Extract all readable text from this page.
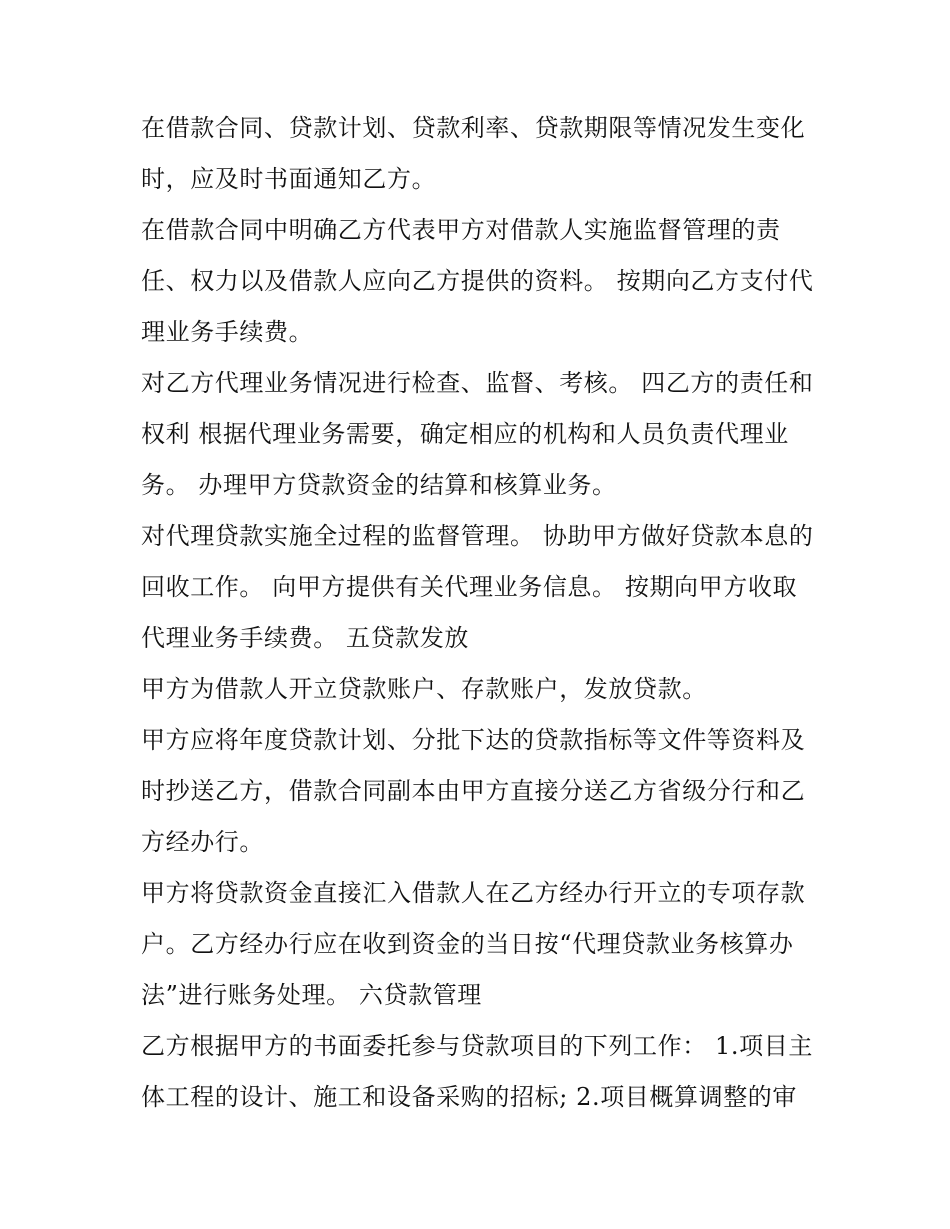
在借款合同、贷款计划、贷款利率、贷款期限等情况发生变化时，应及时书面通知乙方。

在借款合同中明确乙方代表甲方对借款人实施监督管理的责任、权力以及借款人应向乙方提供的资料。 按期向乙方支付代理业务手续费。

对乙方代理业务情况进行检查、监督、考核。 四乙方的责任和权利 根据代理业务需要，确定相应的机构和人员负责代理业务。 办理甲方贷款资金的结算和核算业务。

对代理贷款实施全过程的监督管理。 协助甲方做好贷款本息的回收工作。 向甲方提供有关代理业务信息。 按期向甲方收取代理业务手续费。 五贷款发放

甲方为借款人开立贷款账户、存款账户，发放贷款。

甲方应将年度贷款计划、分批下达的贷款指标等文件等资料及时抄送乙方，借款合同副本由甲方直接分送乙方省级分行和乙方经办行。

甲方将贷款资金直接汇入借款人在乙方经办行开立的专项存款户。乙方经办行应在收到资金的当日按“代理贷款业务核算办法”进行账务处理。 六贷款管理

乙方根据甲方的书面委托参与贷款项目的下列工作： 1.项目主体工程的设计、施工和设备采购的招标; 2.项目概算调整的审
